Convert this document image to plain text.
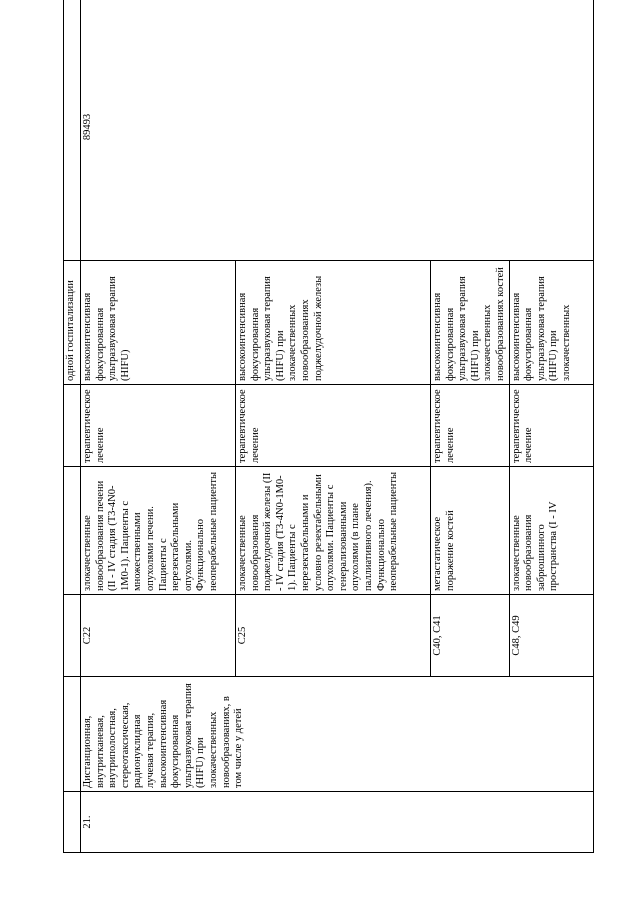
					одной госпитализации	
21.	Дистанционная, внутритканевая, внутриполостная, стереотаксическая, радионуклидная лучевая терапия, высокоинтенсивная фокусированная ультразвуковая терапия (HIFU) при злокачественных новообразованиях, в том числе у детей	C22	злокачественные новообразования печени (II - IV стадия (T3-4N0-1M0-1). Пациенты с множественными опухолями печени. Пациенты с нерезектабельными опухолями. Функционально неоперабельные пациенты	терапевтическое лечение	высокоинтенсивная фокусированная ультразвуковая терапия (HIFU)	89493
		C25	злокачественные новообразования поджелудочной железы (II - IV стадия (T3-4N0-1M0-1). Пациенты с нерезектабельными и условно резектабельными опухолями. Пациенты с генерализованными опухолями (в плане паллиативного лечения). Функционально неоперабельные пациенты	терапевтическое лечение	высокоинтенсивная фокусированная ультразвуковая терапия (HIFU) при злокачественных новообразованиях поджелудочной железы	
		C40, C41	метастатическое поражение костей	терапевтическое лечение	высокоинтенсивная фокусированная ультразвуковая терапия (HIFU) при злокачественных новообразованиях костей	
		C48, C49	злокачественные новообразования забрюшинного пространства (I - IV	терапевтическое лечение	высокоинтенсивная фокусированная ультразвуковая терапия (HIFU) при злокачественных	
